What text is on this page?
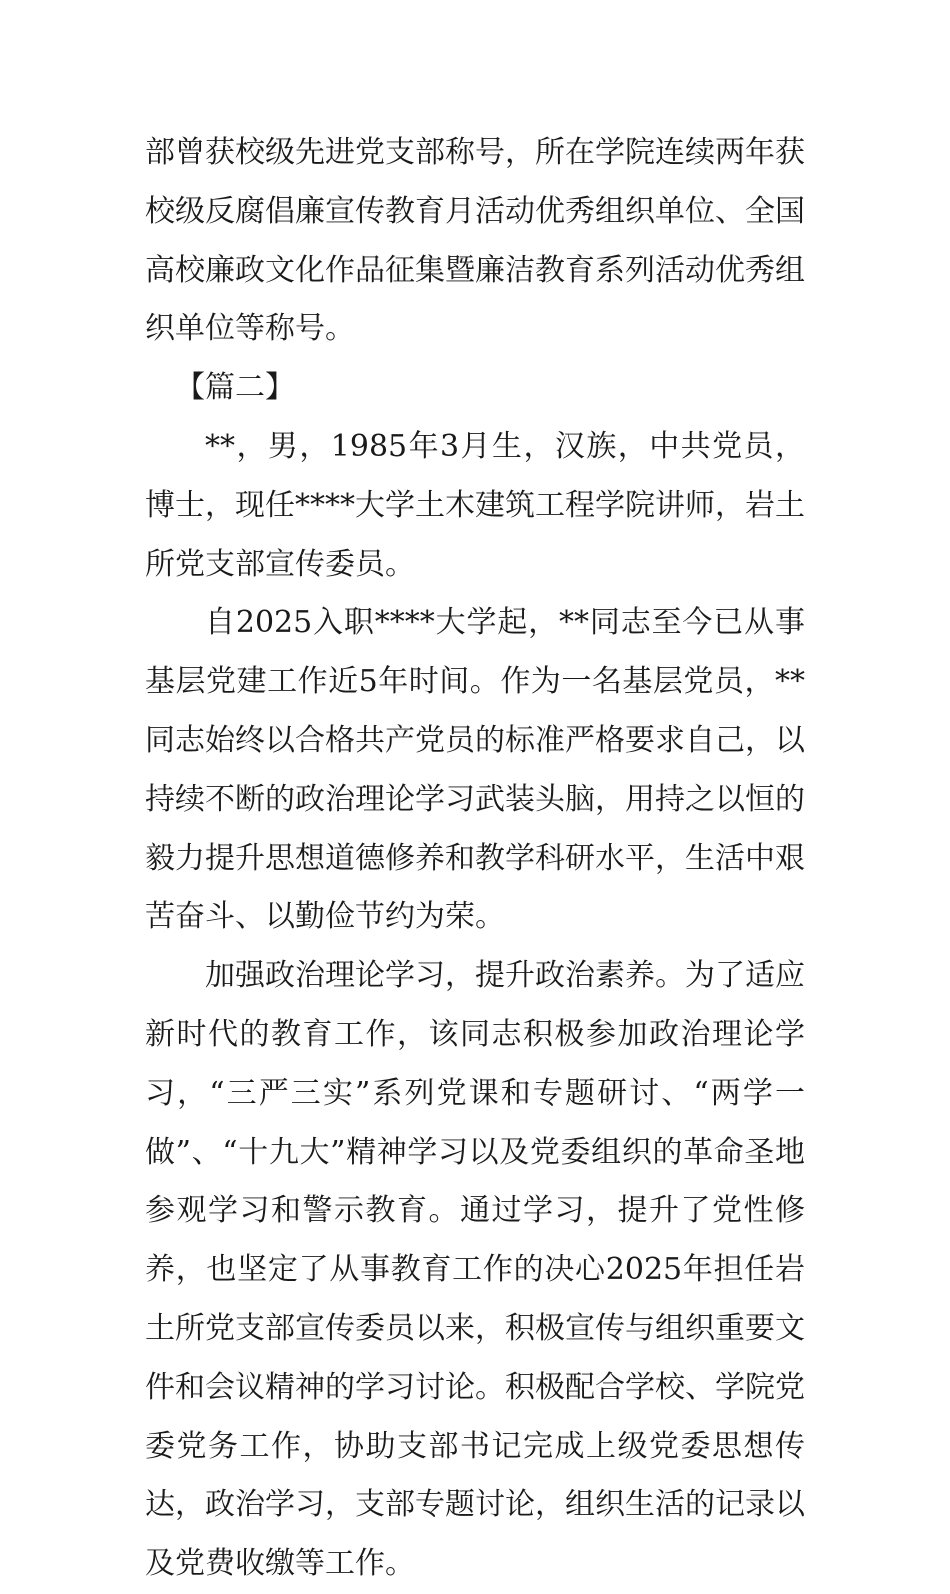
部曾获校级先进党支部称号，所在学院连续两年获校级反腐倡廉宣传教育月活动优秀组织单位、全国高校廉政文化作品征集暨廉洁教育系列活动优秀组织单位等称号。

【篇二】

**，男，1985年3月生，汉族，中共党员，博士，现任****大学土木建筑工程学院讲师，岩土所党支部宣传委员。

自2025入职****大学起，**同志至今已从事基层党建工作近5年时间。作为一名基层党员，**同志始终以合格共产党员的标准严格要求自己，以持续不断的政治理论学习武装头脑，用持之以恒的毅力提升思想道德修养和教学科研水平，生活中艰苦奋斗、以勤俭节约为荣。

加强政治理论学习，提升政治素养。为了适应新时代的教育工作，该同志积极参加政治理论学习，“三严三实”系列党课和专题研讨、“两学一做”、“十九大”精神学习以及党委组织的革命圣地参观学习和警示教育。通过学习，提升了党性修养，也坚定了从事教育工作的决心2025年担任岩土所党支部宣传委员以来，积极宣传与组织重要文件和会议精神的学习讨论。积极配合学校、学院党委党务工作，协助支部书记完成上级党委思想传达，政治学习，支部专题讨论，组织生活的记录以及党费收缴等工作。
